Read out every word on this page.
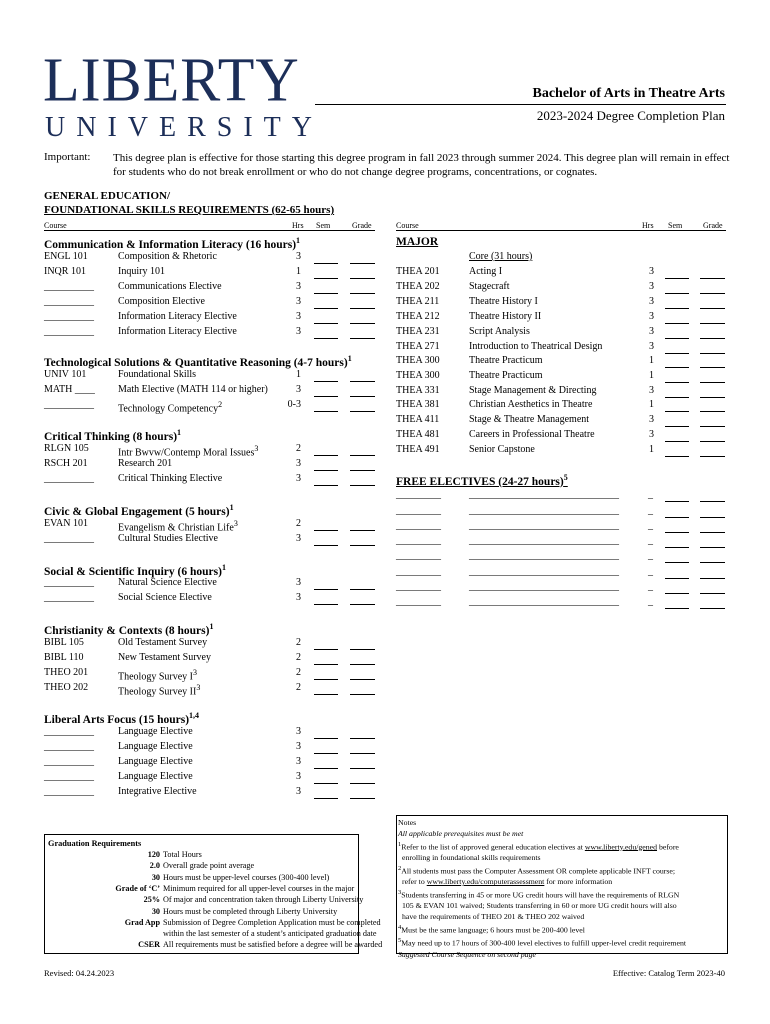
LIBERTY
UNIVERSITY
Bachelor of Arts in Theatre Arts
2023-2024 Degree Completion Plan
Important: This degree plan is effective for those starting this degree program in fall 2023 through summer 2024. This degree plan will remain in effect for students who do not break enrollment or who do not change degree programs, concentrations, or cognates.
GENERAL EDUCATION/
FOUNDATIONAL SKILLS REQUIREMENTS (62-65 hours)
Course	Hrs Sem	Grade
Communication & Information Literacy (16 hours)$^1$
ENGL 101	Composition & Rhetoric	3
INQR 101	Inquiry 101	1
__________ Communications Elective	3
__________ Composition Elective	3
__________ Information Literacy Elective	3
__________ Information Literacy Elective	3
Technological Solutions & Quantitative Reasoning (4-7 hours)$^1$
UNIV 101	Foundational Skills	1
MATH ____ Math Elective (MATH 114 or higher)	3
__________ Technology Competency$^2$	0-3
Critical Thinking (8 hours)$^1$
RLGN 105	Intr Bwvw/Contemp Moral Issues$^3$	2
RSCH 201	Research 201	3
__________ Critical Thinking Elective	3
Civic & Global Engagement (5 hours)$^1$
EVAN 101	Evangelism & Christian Life$^3$	2
__________ Cultural Studies Elective	3
Social & Scientific Inquiry (6 hours)$^1$
__________ Natural Science Elective	3
__________ Social Science Elective	3
Christianity & Contexts (8 hours)$^1$
BIBL 105	Old Testament Survey	2
BIBL 110	New Testament Survey	2
THEO 201	Theology Survey $I^3$	2
THEO 202	Theology Survey $II^3$	2
Liberal Arts Focus (15 hours)$^{1,4}$
__________ Language Elective	3
__________ Language Elective	3
__________ Language Elective	3
__________ Language Elective	3
__________ Integrative Elective	3
Course	Hrs Sem	Grade
MAJOR
Core (31 hours)
THEA 201	Acting I	3
THEA 202	Stagecraft	3
THEA 211	Theatre History I	3
THEA 212	Theatre History II	3
THEA 231	Script Analysis	3
THEA 271	Introduction to Theatrical Design	3
THEA 300	Theatre Practicum	1
THEA 300	Theatre Practicum	1
THEA 331	Stage Management & Directing	3
THEA 381	Christian Aesthetics in Theatre	1
THEA 411	Stage & Theatre Management	3
THEA 481	Careers in Professional Theatre	3
THEA 491	Senior Capstone	1
FREE ELECTIVES (24-27 hours)$^5$
_________	______________________________	_
_________	______________________________	_
_________	______________________________	_
_________	______________________________	_
_________	______________________________	_
_________	______________________________	_
_________	______________________________	_
_________	______________________________	_
Graduation Requirements
120 Total Hours
2.0 Overall grade point average
30 Hours must be upper-level courses (300-400 level)
Grade of ‘C’ Minimum required for all upper-level courses in the major
25% Of major and concentration taken through Liberty University
30 Hours must be completed through Liberty University
Grad App Submission of Degree Completion Application must be completed
within the last semester of a student’s anticipated graduation date
CSER All requirements must be satisfied before a degree will be awarded
Notes
All applicable prerequisites must be met
$^1$Refer to the list of approved general education electives at www.liberty.edu/gened before
enrolling in foundational skills requirements
$^2$All students must pass the Computer Assessment OR complete applicable INFT course;
refer to www.liberty.edu/computerassessment for more information
$^3$Students transferring in 45 or more UG credit hours will have the requirements of RLGN
105 & EVAN 101 waived; Students transferring in 60 or more UG credit hours will also
have the requirements of THEO 201 & THEO 202 waived
$^4$Must be the same language; 6 hours must be 200-400 level
$^5$May need up to 17 hours of 300-400 level electives to fulfill upper-level credit requirement
Suggested Course Sequence on second page
Revised: 04.24.2023	Effective: Catalog Term 2023-40
